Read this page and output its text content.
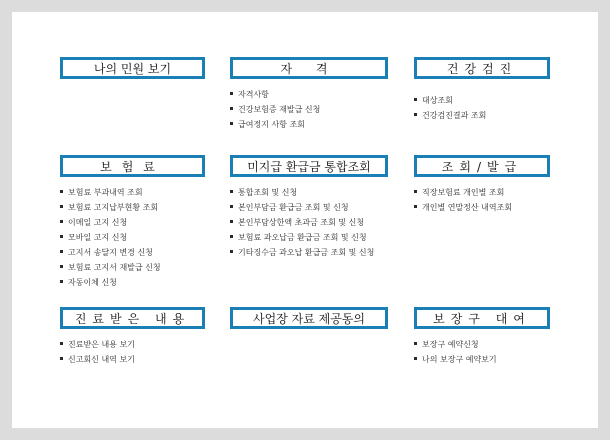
나의 민원 보기	자 격
자격사항
건강보험증 재발급 신청
급여정지 사항 조회
건강검진
대상조회
건강검진결과 조회
보험료
보험료 부과내역 조회
보험료 고지납부현황 조회
이메일 고지 신청
모바일 고지 신청
고지서 송달지 변경 신청
보험료 고지서 재발급 신청
자동이체 신청
미지급 환급금 통합조회
통합조회 및 신청
본인부담금 환급금 조회 및 신청
본인부담상한액 초과금 조회 및 신청
보험료 과오납금 환급금 조회 및 신청
기타징수금 과오납 환급금 조회 및 신청
조회/발급
직장보험료 개인별 조회
개인별 연말정산 내역조회
진료받은 내용
진료받은 내용 보기
신고회신 내역 보기
사업장 자료 제공동의	보장구 대여
보장구 예약신청
나의 보장구 예약보기
